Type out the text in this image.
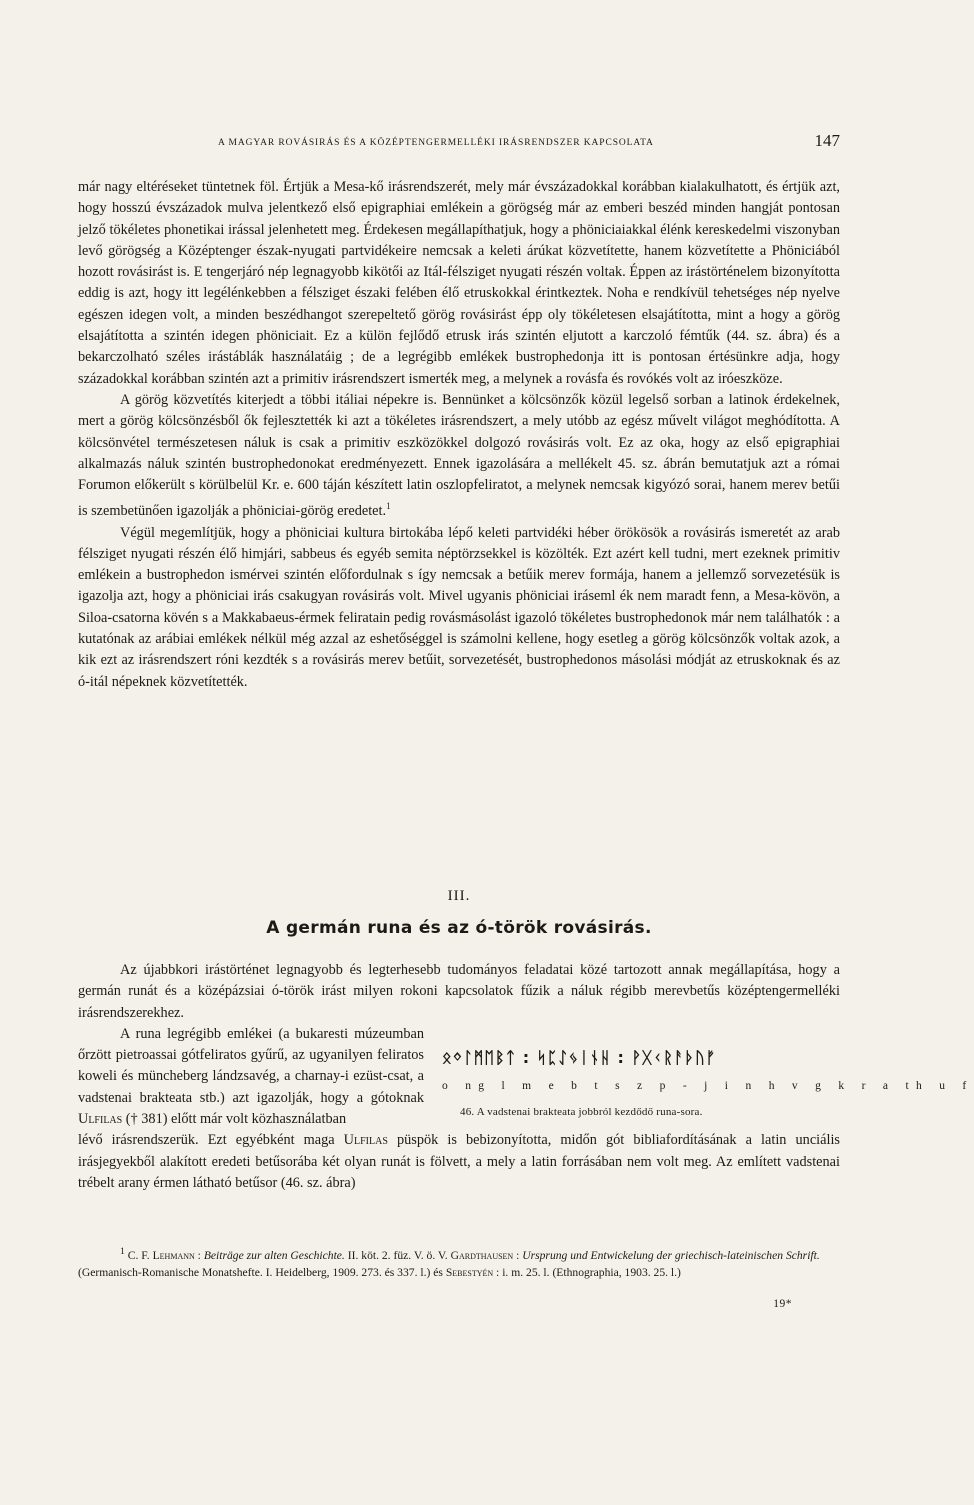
A MAGYAR ROVÁSIRÁS ÉS A KÖZÉPTENGERMELLÉKI IRÁSRENDSZER KAPCSOLATA	147

már nagy eltéréseket tüntetnek föl. Értjük a Mesa-kő irásrendszerét, mely már évszázadokkal korábban kialakulhatott, és értjük azt, hogy hosszú évszázadok mulva jelentkező első epigraphiai emlékein a görögség már az emberi beszéd minden hangját pontosan jelző tökéletes phonetikai irással jelenhetett meg. Érdekesen megállapíthatjuk, hogy a phöniciaiakkal élénk kereskedelmi viszonyban levő görögség a Középtenger észak-nyugati partvidékeire nemcsak a keleti árúkat közvetítette, hanem közvetítette a Phöniciából hozott rovásirást is. E tengerjáró nép legnagyobb kikötői az Itál-félsziget nyugati részén voltak. Éppen az irástörténelem bizonyította eddig is azt, hogy itt legélénkebben a félsziget északi felében élő etruskokkal érintkeztek. Noha e rendkívül tehetséges nép nyelve egészen idegen volt, a minden beszédhangot szerepeltető görög rovásirást épp oly tökéletesen elsajátította, mint a hogy a görög elsajátította a szintén idegen phöniciait. Ez a külön fejlődő etrusk irás szintén eljutott a karczoló fémtűk (44. sz. ábra) és a bekarczolható széles irástáblák használatáig ; de a legrégibb emlékek bustrophedonja itt is pontosan értésünkre adja, hogy századokkal korábban szintén azt a primitiv irásrendszert ismerték meg, a melynek a rovásfa és rovókés volt az iróeszköze.

A görög közvetítés kiterjedt a többi itáliai népekre is. Bennünket a kölcsönzők közül legelső sorban a latinok érdekelnek, mert a görög kölcsönzésből ők fejlesztették ki azt a tökéletes irásrendszert, a mely utóbb az egész művelt világot meghódította. A kölcsönvétel természetesen náluk is csak a primitiv eszközökkel dolgozó rovásirás volt. Ez az oka, hogy az első epigraphiai alkalmazás náluk szintén bustrophedonokat eredményezett. Ennek igazolására a mellékelt 45. sz. ábrán bemutatjuk azt a római Forumon előkerült s körülbelül Kr. e. 600 táján készített latin oszlopfeliratot, a melynek nemcsak kigyózó sorai, hanem merev betűi is szembetünően igazolják a phöniciai-görög eredetet.$^1$

Végül megemlítjük, hogy a phöniciai kultura birtokába lépő keleti partvidéki héber örökösök a rovásirás ismeretét az arab félsziget nyugati részén élő himjári, sabbeus és egyéb semita néptörzsekkel is közölték. Ezt azért kell tudni, mert ezeknek primitiv emlékein a bustrophedon ismérvei szintén előfordulnak s így nemcsak a betűik merev formája, hanem a jellemző sorvezetésük is igazolja azt, hogy a phöniciai irás csakugyan rovásirás volt. Mivel ugyanis phöniciai iráseml ék nem maradt fenn, a Mesa-kövön, a Siloa-csatorna kövén s a Makkabaeus-érmek feliratain pedig rovásmásolást igazoló tökéletes bustrophedonok már nem találhatók : a kutatónak az arábiai emlékek nélkül még azzal az eshetőséggel is számolni kellene, hogy esetleg a görög kölcsönzők voltak azok, a kik ezt az irásrendszert róni kezdték s a rovásirás merev betűit, sorvezetését, bustrophedonos másolási módját az etruskoknak és az ó-itál népeknek közvetítették.

III.
A germán runa és az ó-török rovásirás.

Az újabbkori irástörténet legnagyobb és legterhesebb tudományos feladatai közé tartozott annak megállapítása, hogy a germán runát és a középázsiai ó-török irást milyen rokoni kapcsolatok fűzik a náluk régibb merevbetűs középtengermelléki irásrendszerekhez.

A runa legrégibb emlékei (a bukaresti múzeumban őrzött pietroassai gótfeliratos gyűrű, az ugyanilyen feliratos koweli és müncheberg lándzsavég, a charnay-i ezüst-csat, a vadstenai brakteata stb.) azt igazolják, hogy a gótoknak Ulfilas († 381) előtt már volt közhasználatban

lévő irásrendszerük. Ezt egyébként maga Ulfilas püspök is bebizonyította, midőn gót bibliafordításának a latin unciális irásjegyekből alakított eredeti betűsorába két olyan runát is fölvett, a mely a latin forrásában nem volt meg. Az említett vadstenai trébelt arany érmen látható betűsor (46. sz. ábra)

ᛟᛜᛚᛗᛖᛒᛏ : ᛋᛈᛇᛃᛁᚾᚺ : ᚹᚷᚲᚱᚨᚦᚢᚠ
o ng l m e b t s z p - j i n h v g k r a th u f
46. A vadstenai brakteata jobbról kezdődő runa-sora.

$^1$ C. F. Lehmann : Beiträge zur alten Geschichte. II. köt. 2. füz. V. ö. V. Gardthausen : Ursprung und Entwickelung der griechisch-lateinischen Schrift. (Germanisch-Romanische Monatshefte. I. Heidelberg, 1909. 273. és 337. l.) és Sebestyén : i. m. 25. l. (Ethnographia, 1903. 25. l.)

19*
